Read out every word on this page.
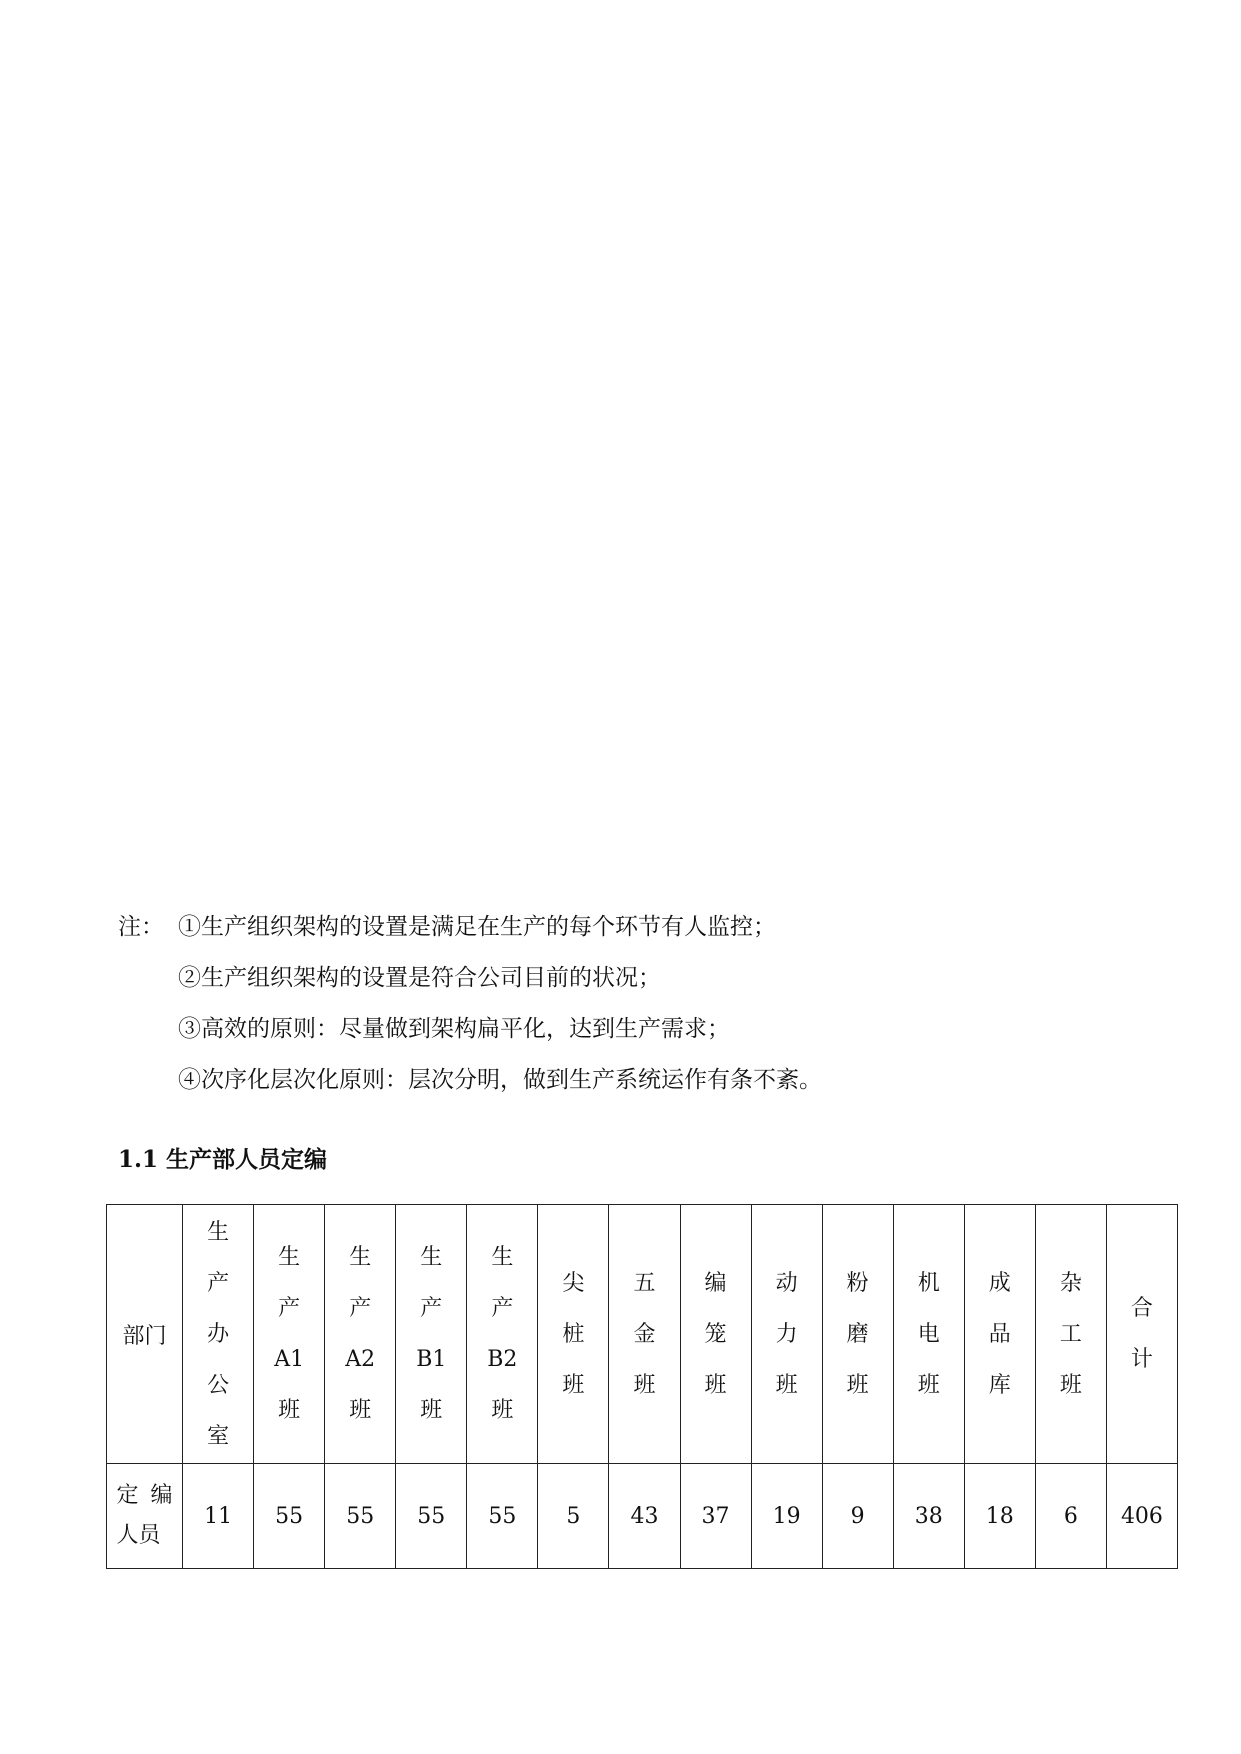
注： ①生产组织架构的设置是满足在生产的每个环节有人监控；
②生产组织架构的设置是符合公司目前的状况；
③高效的原则：尽量做到架构扁平化，达到生产需求；
④次序化层次化原则：层次分明，做到生产系统运作有条不紊。
1.1 生产部人员定编
部门	生
产
办
公
室	生
产
A1
班	生
产
A2
班	生
产
B1
班	生
产
B2
班	尖
桩
班	五
金
班	编
笼
班	动
力
班	粉
磨
班	机
电
班	成
品
库	杂
工
班	合
计
定编人员	11	55	55	55	55	5	43	37	19	9	38	18	6	406
